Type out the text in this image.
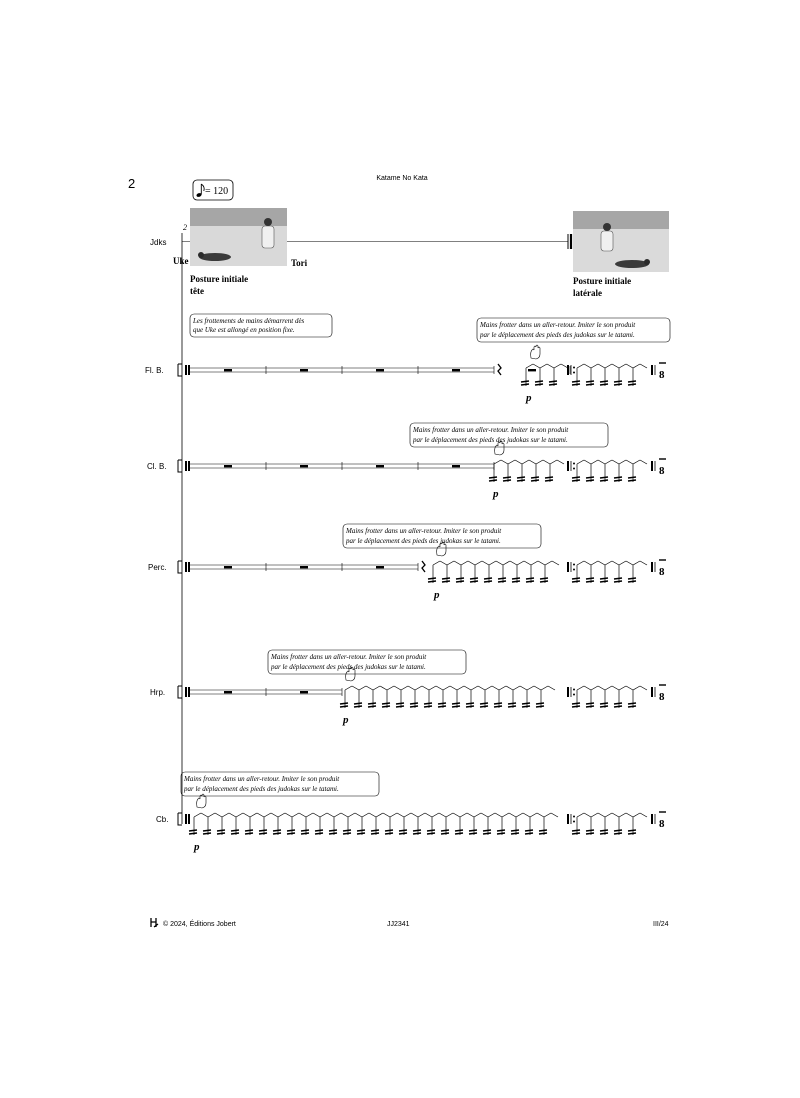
2	Katame No Kata
= 120
2
Jdks
Uke	Tori
Posture initiale
tête
Posture initiale
latérale
Les frottements de mains démarrent dès
que Uke est allongé en position fixe.
Fl. B.	8
p
Mains frotter dans un aller-retour. Imiter le son produit
par le déplacement des pieds des judokas sur le tatami.
Cl. B.	8
p
Mains frotter dans un aller-retour. Imiter le son produit
par le déplacement des pieds des judokas sur le tatami.
Perc.	8
p
Mains frotter dans un aller-retour. Imiter le son produit
par le déplacement des pieds des judokas sur le tatami.
Hrp.	8
p
Mains frotter dans un aller-retour. Imiter le son produit
par le déplacement des pieds des judokas sur le tatami.
Cb.	8
p
Mains frotter dans un aller-retour. Imiter le son produit
par le déplacement des pieds des judokas sur le tatami.
© 2024, Éditions Jobert	JJ2341	III/24
